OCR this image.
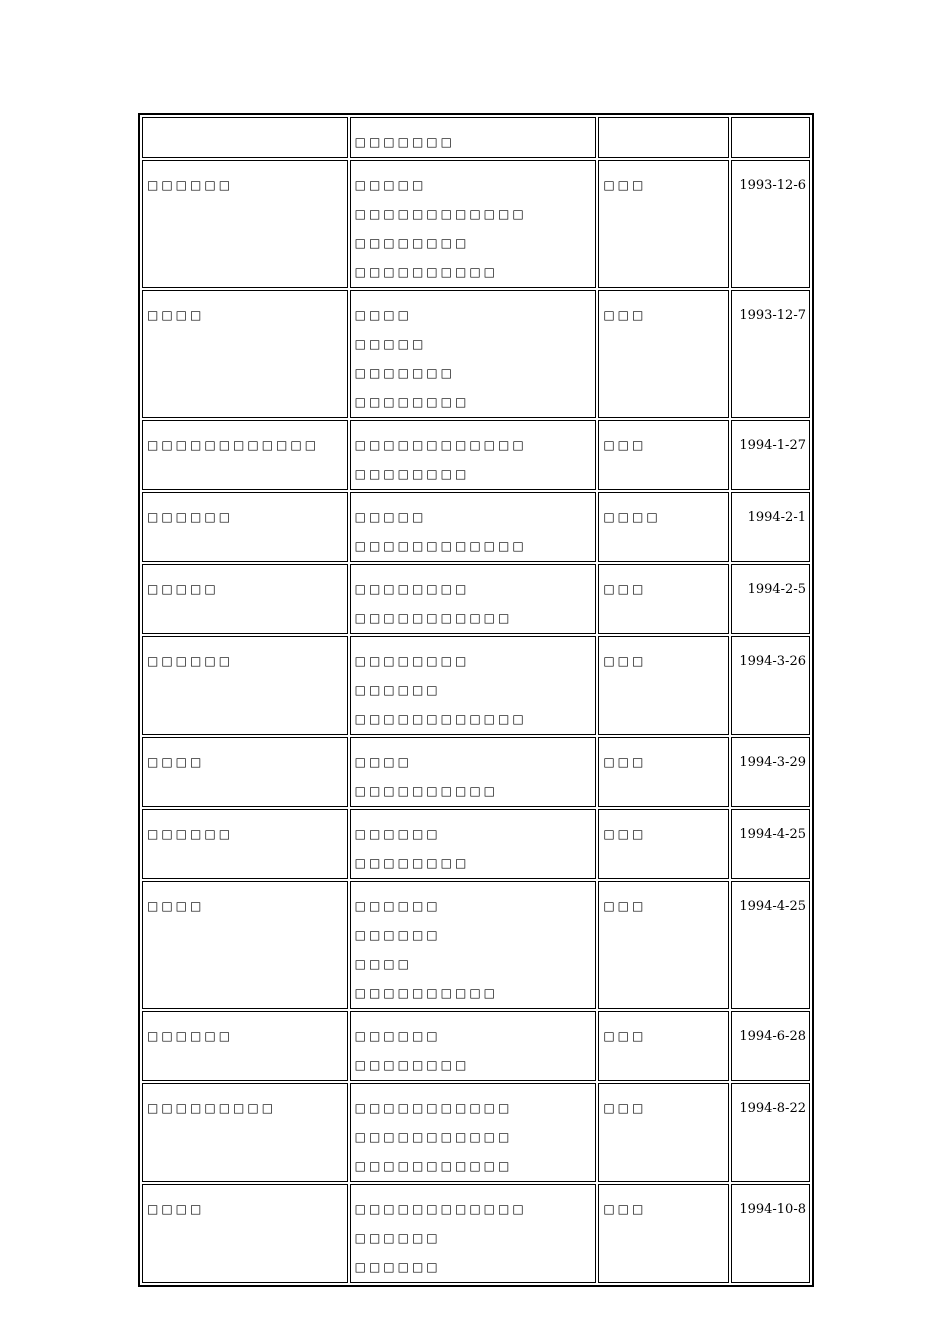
	□□□□□□□		

□□□□□□	□□□□□
□□□□□□□□□□□□
□□□□□□□□
□□□□□□□□□□	□□□	1993-12-6

□□□□	□□□□
□□□□□
□□□□□□□
□□□□□□□□	□□□	1993-12-7

□□□□□□□□□□□□	□□□□□□□□□□□□
□□□□□□□□	□□□	1994-1-27

□□□□□□	□□□□□
□□□□□□□□□□□□	□□□□	1994-2-1

□□□□□	□□□□□□□□
□□□□□□□□□□□	□□□	1994-2-5

□□□□□□	□□□□□□□□
□□□□□□
□□□□□□□□□□□□	□□□	1994-3-26

□□□□	□□□□
□□□□□□□□□□	□□□	1994-3-29

□□□□□□	□□□□□□
□□□□□□□□	□□□	1994-4-25

□□□□	□□□□□□
□□□□□□
□□□□
□□□□□□□□□□	□□□	1994-4-25

□□□□□□	□□□□□□
□□□□□□□□	□□□	1994-6-28

□□□□□□□□□	□□□□□□□□□□□
□□□□□□□□□□□
□□□□□□□□□□□	□□□	1994-8-22

□□□□	□□□□□□□□□□□□
□□□□□□
□□□□□□	□□□	1994-10-8
